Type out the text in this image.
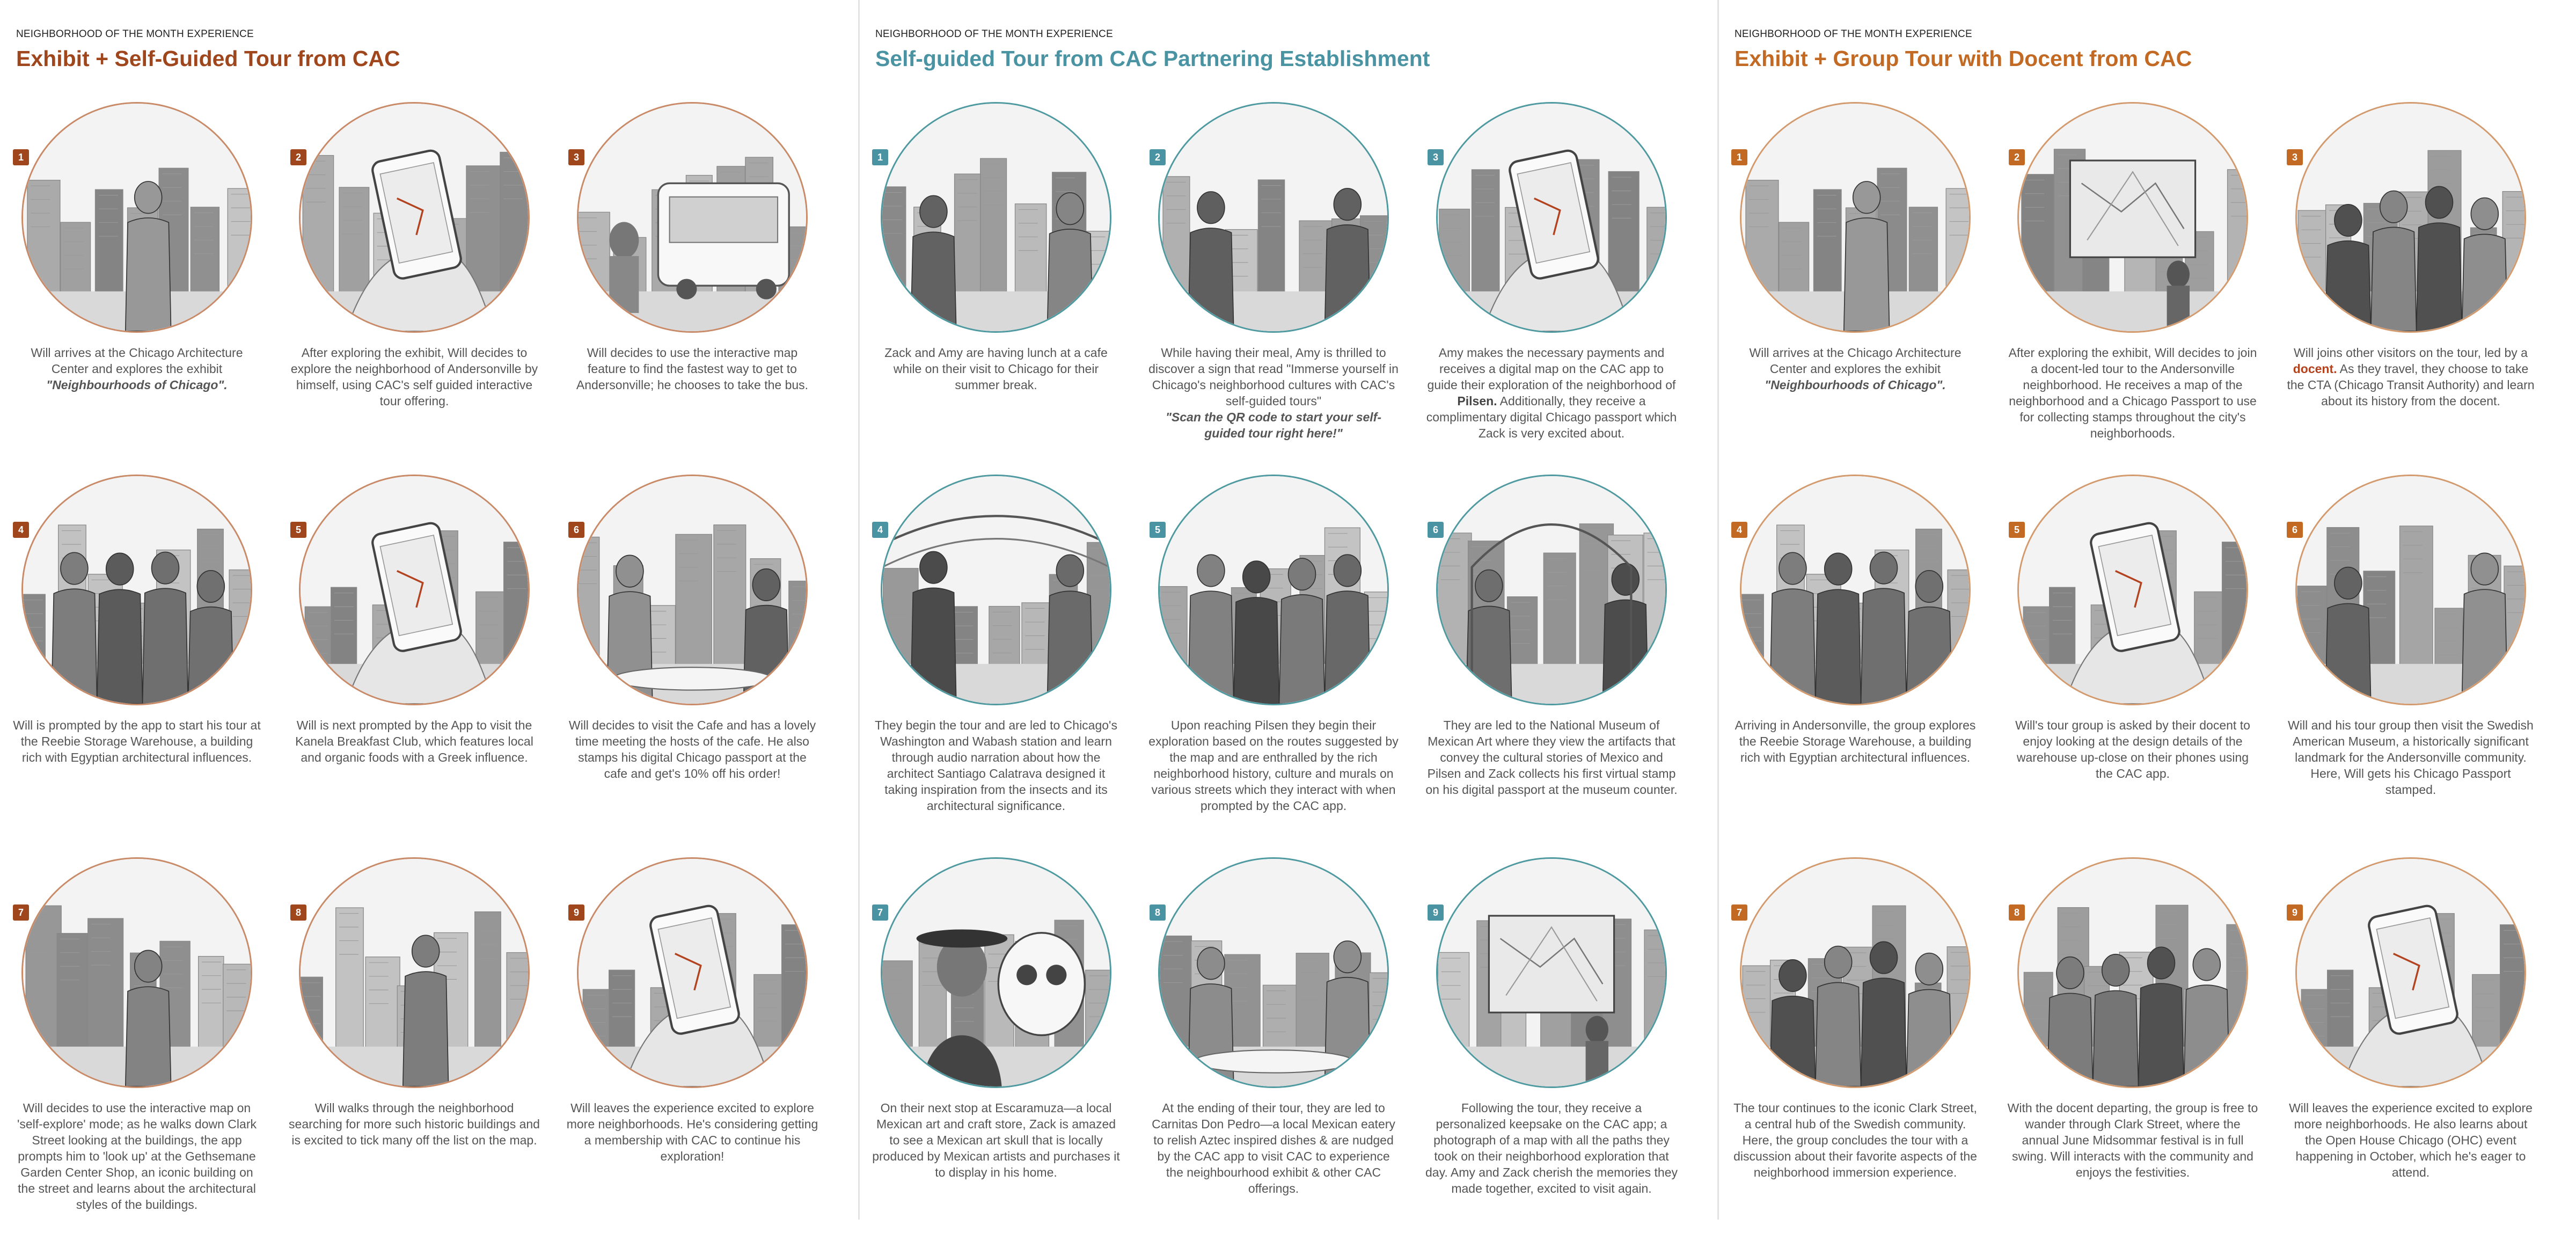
NEIGHBORHOOD OF THE MONTH EXPERIENCE
Exhibit + Self-Guided Tour from CAC
1
Will arrives at the Chicago Architecture Center and explores the exhibit
"Neighbourhoods of Chicago".
2
After exploring the exhibit, Will decides to explore the neighborhood of Andersonville by himself, using CAC's self guided interactive tour offering.
3
Will decides to use the interactive map feature to find the fastest way to get to Andersonville; he chooses to take the bus.
4
Will is prompted by the app to start his tour at the Reebie Storage Warehouse, a building rich with Egyptian architectural influences.
5
Will is next prompted by the App to visit the Kanela Breakfast Club, which features local and organic foods with a Greek influence.
6
Will decides to visit the Cafe and has a lovely time meeting the hosts of the cafe. He also stamps his digital Chicago passport at the cafe and get's 10% off his order!
7
Will decides to use the interactive map on 'self-explore' mode; as he walks down Clark Street looking at the buildings, the app prompts him to 'look up' at the Gethsemane Garden Center Shop, an iconic building on the street and learns about the architectural styles of the buildings.
8
Will walks through the neighborhood searching for more such historic buildings and is excited to tick many off the list on the map.
9
Will leaves the experience excited to explore more neighborhoods. He's considering getting a membership with CAC to continue his exploration!
NEIGHBORHOOD OF THE MONTH EXPERIENCE
Self-guided Tour from CAC Partnering Establishment
1
Zack and Amy are having lunch at a cafe while on their visit to Chicago for their summer break.
2
While having their meal, Amy is thrilled to discover a sign that read "Immerse yourself in Chicago's neighborhood cultures with CAC's self-guided tours"
"Scan the QR code to start your self-guided tour right here!"
3
Amy makes the necessary payments and receives a digital map on the CAC app to guide their exploration of the neighborhood of Pilsen. Additionally, they receive a complimentary digital Chicago passport which Zack is very excited about.
4
They begin the tour and are led to Chicago's Washington and Wabash station and learn through audio narration about how the architect Santiago Calatrava designed it taking inspiration from the insects and its architectural significance.
5
Upon reaching Pilsen they begin their exploration based on the routes suggested by the map and are enthralled by the rich neighborhood history, culture and murals on various streets which they interact with when prompted by the CAC app.
6
They are led to the National Museum of Mexican Art where they view the artifacts that convey the cultural stories of Mexico and Pilsen and Zack collects his first virtual stamp on his digital passport at the museum counter.
7
On their next stop at Escaramuza—a local Mexican art and craft store, Zack is amazed to see a Mexican art skull that is locally produced by Mexican artists and purchases it to display in his home.
8
At the ending of their tour, they are led to Carnitas Don Pedro—a local Mexican eatery to relish Aztec inspired dishes & are nudged by the CAC app to visit CAC to experience the neighbourhood exhibit & other CAC offerings.
9
Following the tour, they receive a personalized keepsake on the CAC app; a photograph of a map with all the paths they took on their neighborhood exploration that day. Amy and Zack cherish the memories they made together, excited to visit again.
NEIGHBORHOOD OF THE MONTH EXPERIENCE
Exhibit + Group Tour with Docent from CAC
1
Will arrives at the Chicago Architecture Center and explores the exhibit
"Neighbourhoods of Chicago".
2
After exploring the exhibit, Will decides to join a docent-led tour to the Andersonville neighborhood. He receives a map of the neighborhood and a Chicago Passport to use for collecting stamps throughout the city's neighborhoods.
3
Will joins other visitors on the tour, led by a docent. As they travel, they choose to take the CTA (Chicago Transit Authority) and learn about its history from the docent.
4
Arriving in Andersonville, the group explores the Reebie Storage Warehouse, a building rich with Egyptian architectural influences.
5
Will's tour group is asked by their docent to enjoy looking at the design details of the warehouse up-close on their phones using the CAC app.
6
Will and his tour group then visit the Swedish American Museum, a historically significant landmark for the Andersonville community. Here, Will gets his Chicago Passport stamped.
7
The tour continues to the iconic Clark Street, a central hub of the Swedish community. Here, the group concludes the tour with a discussion about their favorite aspects of the neighborhood immersion experience.
8
With the docent departing, the group is free to wander through Clark Street, where the annual June Midsommar festival is in full swing. Will interacts with the community and enjoys the festivities.
9
Will leaves the experience excited to explore more neighborhoods. He also learns about the Open House Chicago (OHC) event happening in October, which he's eager to attend.
